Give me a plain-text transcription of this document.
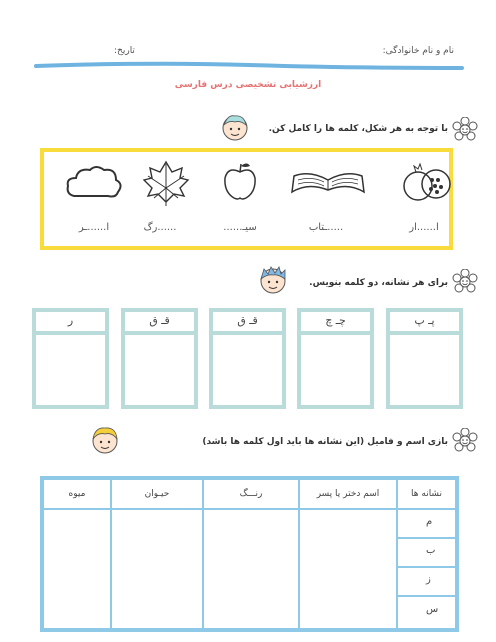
نام و نام خانوادگی:
تاریخ:
ارزشیابی تشخیصی درس فارسی
با توجه به هر شکل، کلمه ها را کامل کن.
ا......ار
.....ـتاب
سیـ......
......رگ
ا......ـر
برای هر نشانه، دو کلمه بنویس.
پـ پ
چـ چ
قـ ق
قـ ق
ر
بازی اسم و فامیل (این نشانه ها باید اول کلمه ها باشد)
نشانه ها
اسم دختر یا پسر
رنـــگ
حیـوان
میوه
م
ب
ز
س
